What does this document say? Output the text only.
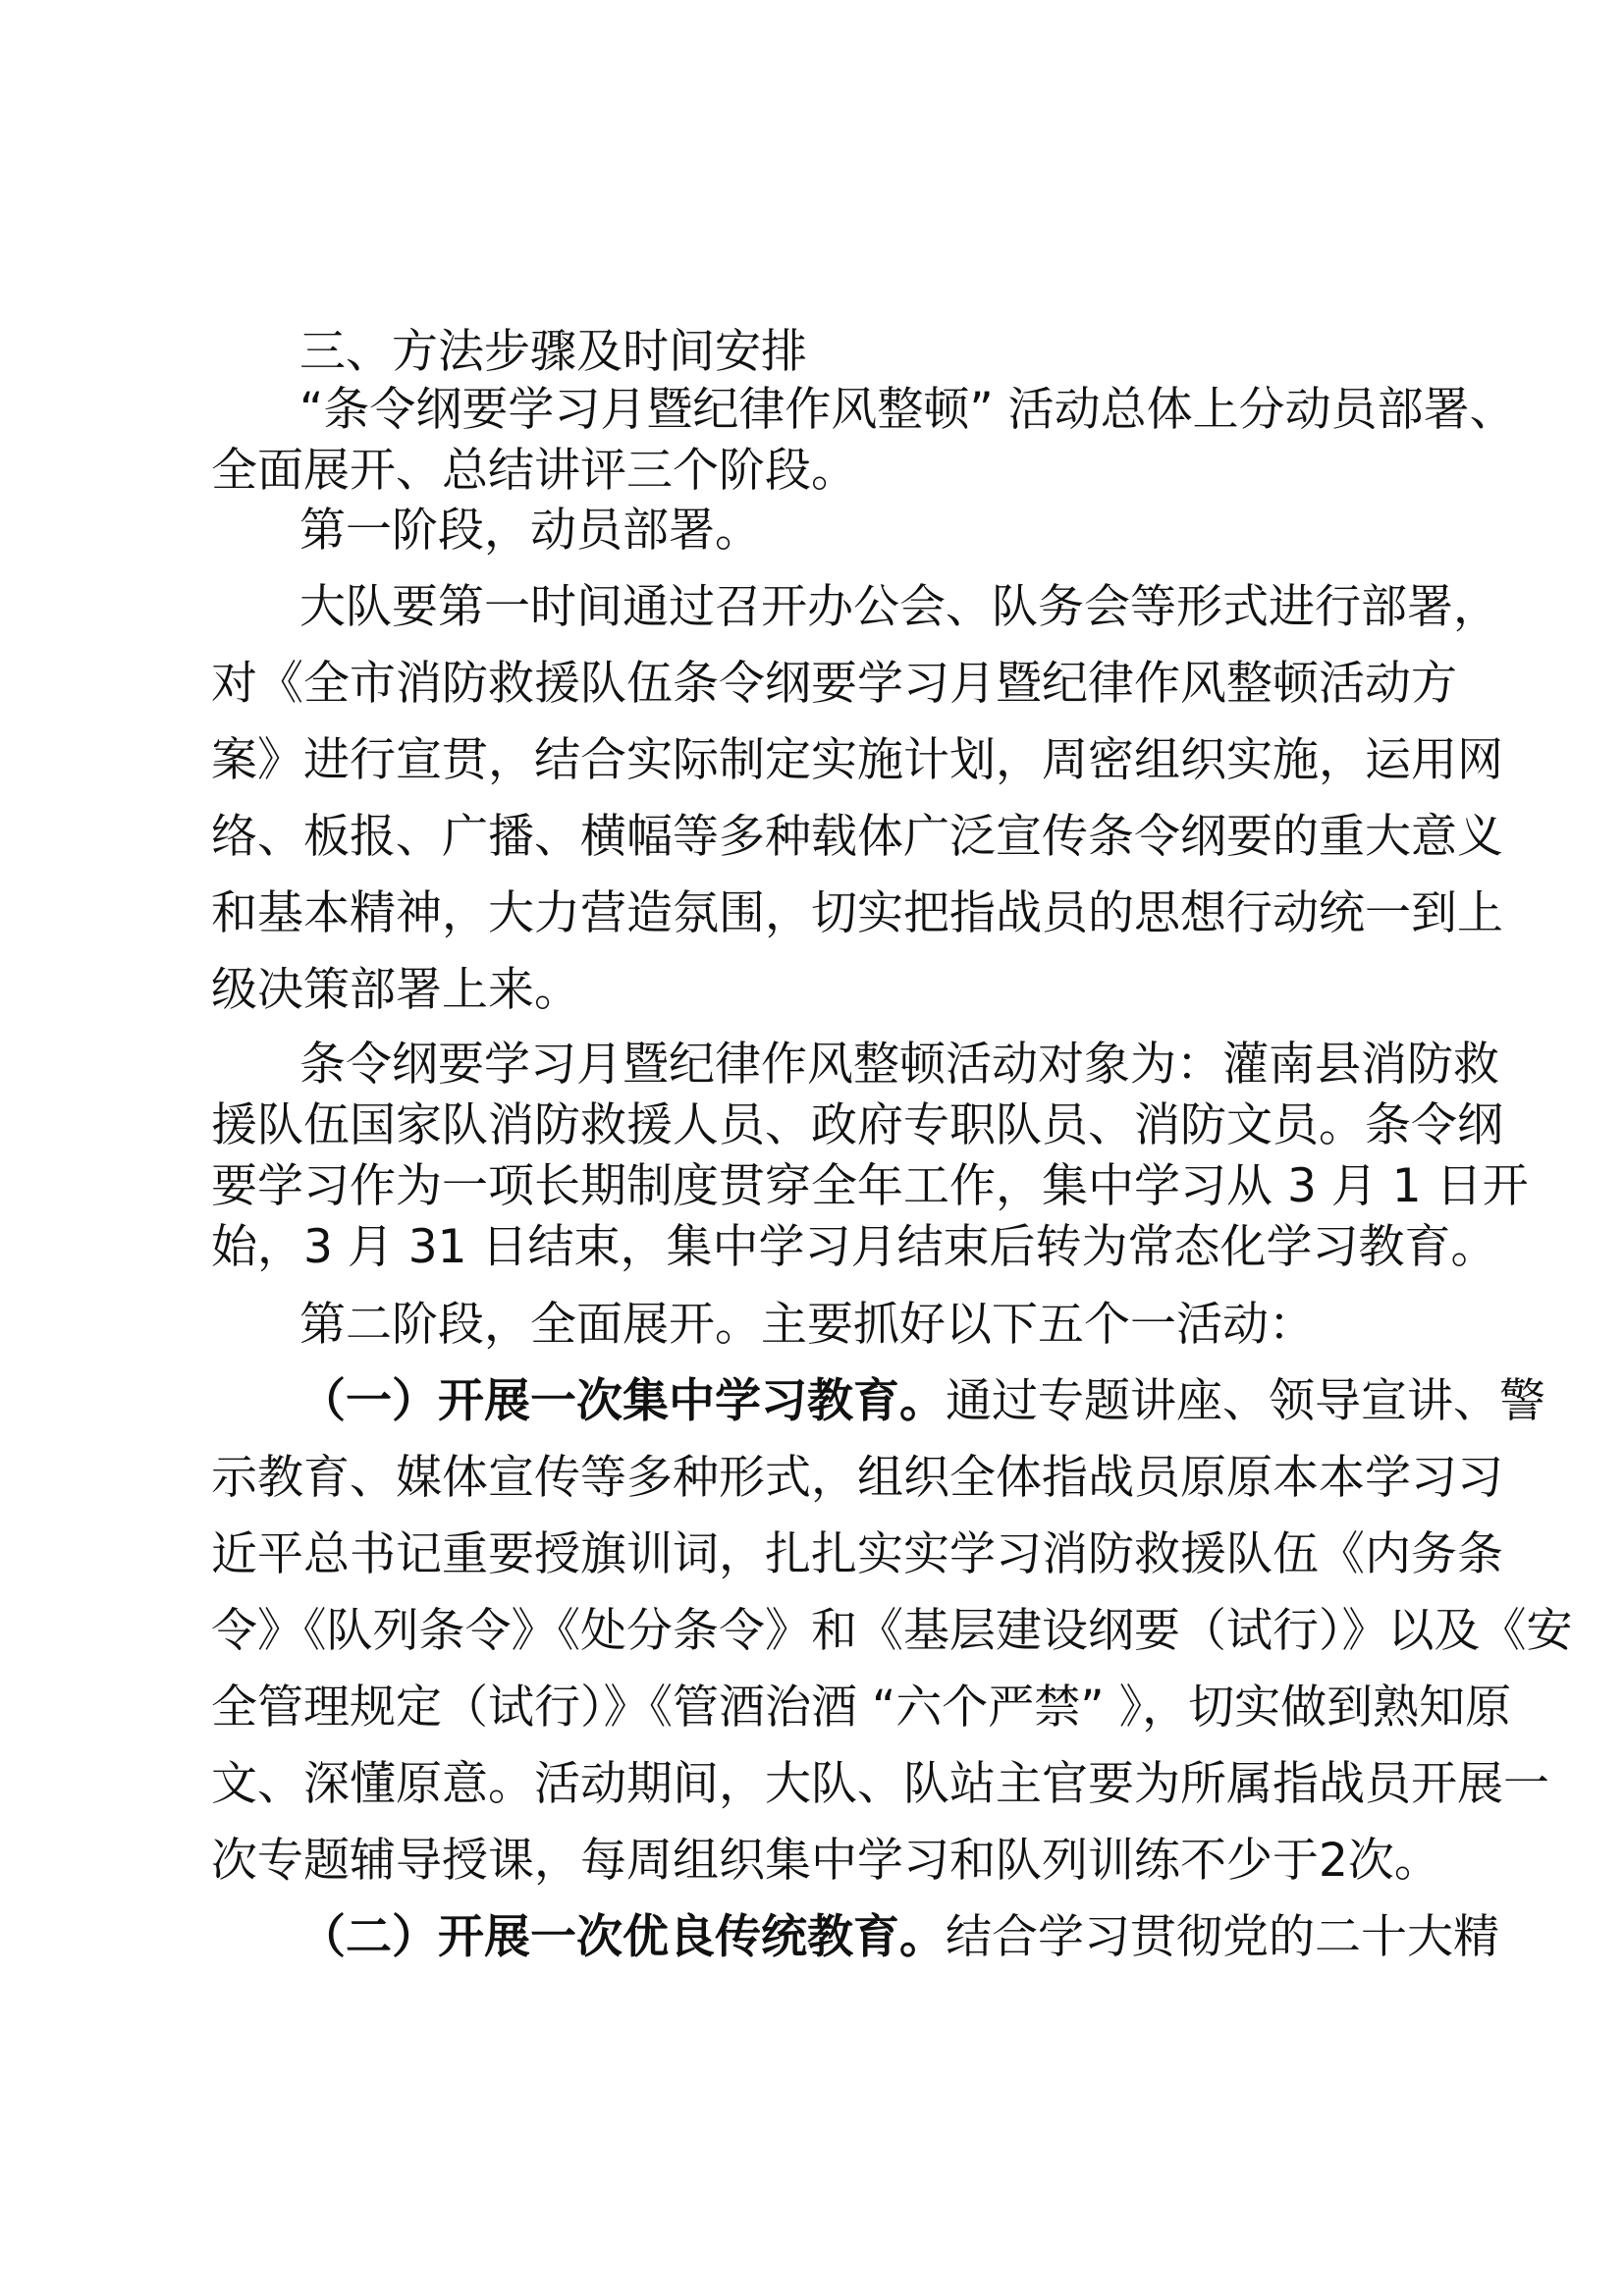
三、方法步骤及时间安排
“条令纲要学习月暨纪律作风整顿” 活动总体上分动员部署、
全面展开、总结讲评三个阶段。
第一阶段，动员部署。
大队要第一时间通过召开办公会、队务会等形式进行部署，
对《全市消防救援队伍条令纲要学习月暨纪律作风整顿活动方
案》进行宣贯，结合实际制定实施计划，周密组织实施，运用网
络、板报、广播、横幅等多种载体广泛宣传条令纲要的重大意义
和基本精神，大力营造氛围，切实把指战员的思想行动统一到上
级决策部署上来。
条令纲要学习月暨纪律作风整顿活动对象为：灌南县消防救
援队伍国家队消防救援人员、政府专职队员、消防文员。条令纲
要学习作为一项长期制度贯穿全年工作，集中学习从 3 月 1 日开
始，3 月 31 日结束，集中学习月结束后转为常态化学习教育。
第二阶段，全面展开。主要抓好以下五个一活动：
（一）开展一次集中学习教育。通过专题讲座、领导宣讲、警
示教育、媒体宣传等多种形式，组织全体指战员原原本本学习习
近平总书记重要授旗训词，扎扎实实学习消防救援队伍《内务条
令》《队列条令》《处分条令》和《基层建设纲要（试行）》以及《安
全管理规定（试行）》《管酒治酒 “六个严禁” 》，切实做到熟知原
文、深懂原意。活动期间，大队、队站主官要为所属指战员开展一
次专题辅导授课，每周组织集中学习和队列训练不少于2次。
（二）开展一次优良传统教育。结合学习贯彻党的二十大精
